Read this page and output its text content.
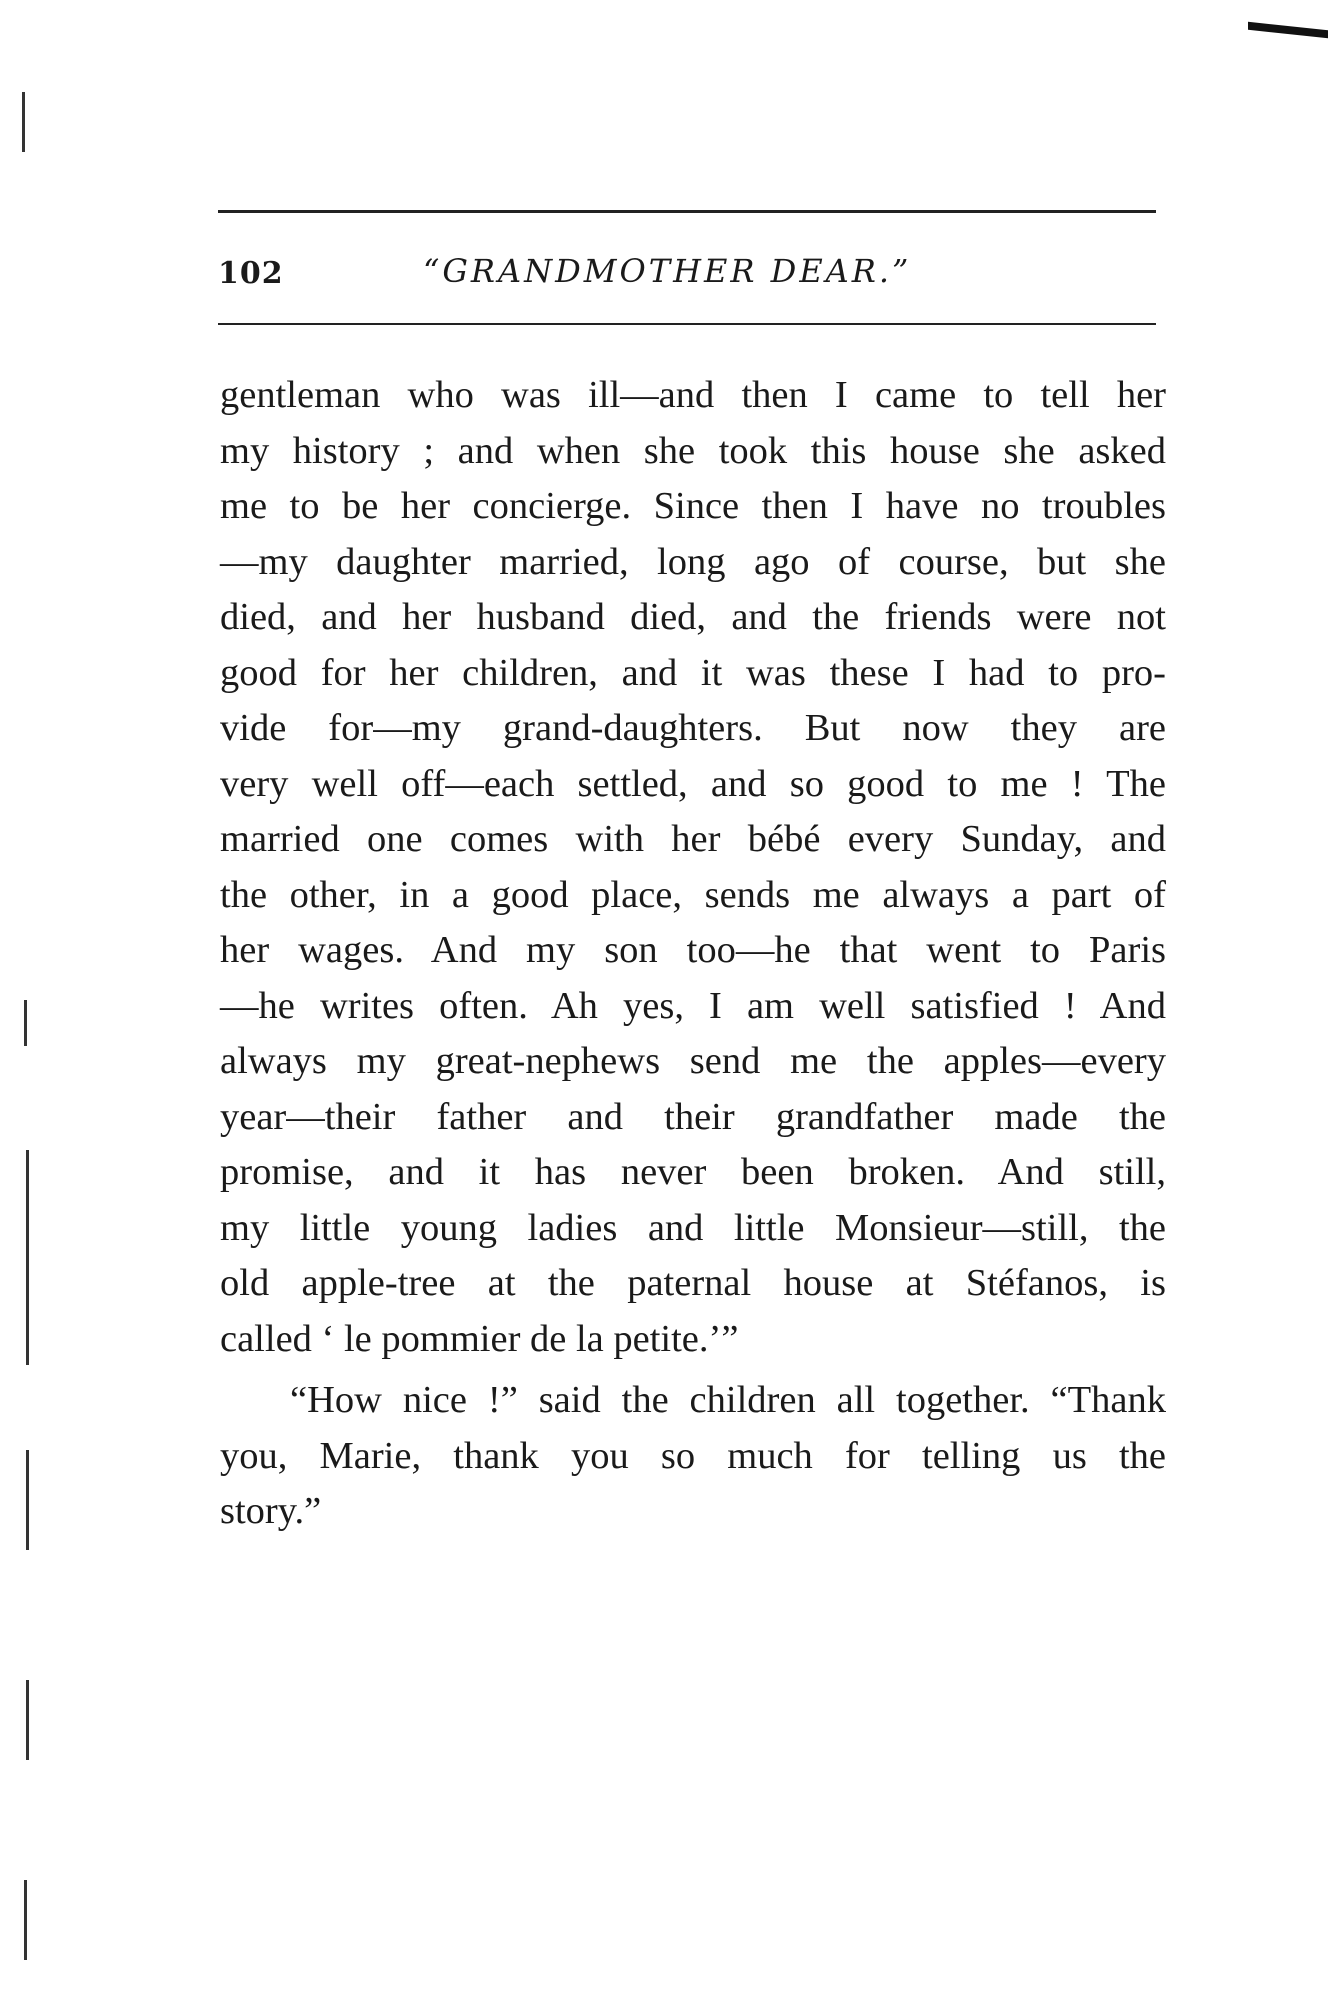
102	“GRANDMOTHER DEAR.”
gentleman who was ill—and then I came to tell her
my history ; and when she took this house she asked
me to be her concierge. Since then I have no troubles
—my daughter married, long ago of course, but she
died, and her husband died, and the friends were not
good for her children, and it was these I had to pro-
vide for—my grand-daughters. But now they are
very well off—each settled, and so good to me ! The
married one comes with her bébé every Sunday, and
the other, in a good place, sends me always a part of
her wages. And my son too—he that went to Paris
—he writes often. Ah yes, I am well satisfied ! And
always my great-nephews send me the apples—every
year—their father and their grandfather made the
promise, and it has never been broken. And still,
my little young ladies and little Monsieur—still, the
old apple-tree at the paternal house at Stéfanos, is
called ‘ le pommier de la petite.’”
“How nice !” said the children all together. “Thank
you, Marie, thank you so much for telling us the
story.”
